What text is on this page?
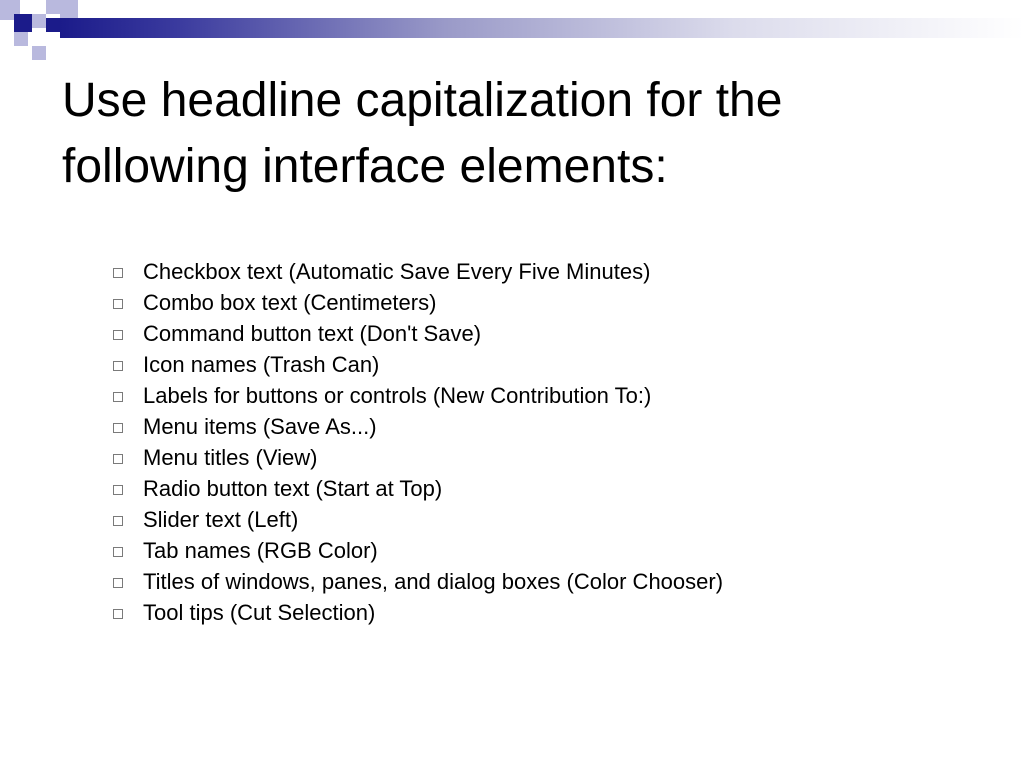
Use headline capitalization for the following interface elements:
Checkbox text (Automatic Save Every Five Minutes)
Combo box text (Centimeters)
Command button text (Don't Save)
Icon names (Trash Can)
Labels for buttons or controls (New Contribution To:)
Menu items (Save As...)
Menu titles (View)
Radio button text (Start at Top)
Slider text (Left)
Tab names (RGB Color)
Titles of windows, panes, and dialog boxes (Color Chooser)
Tool tips (Cut Selection)
